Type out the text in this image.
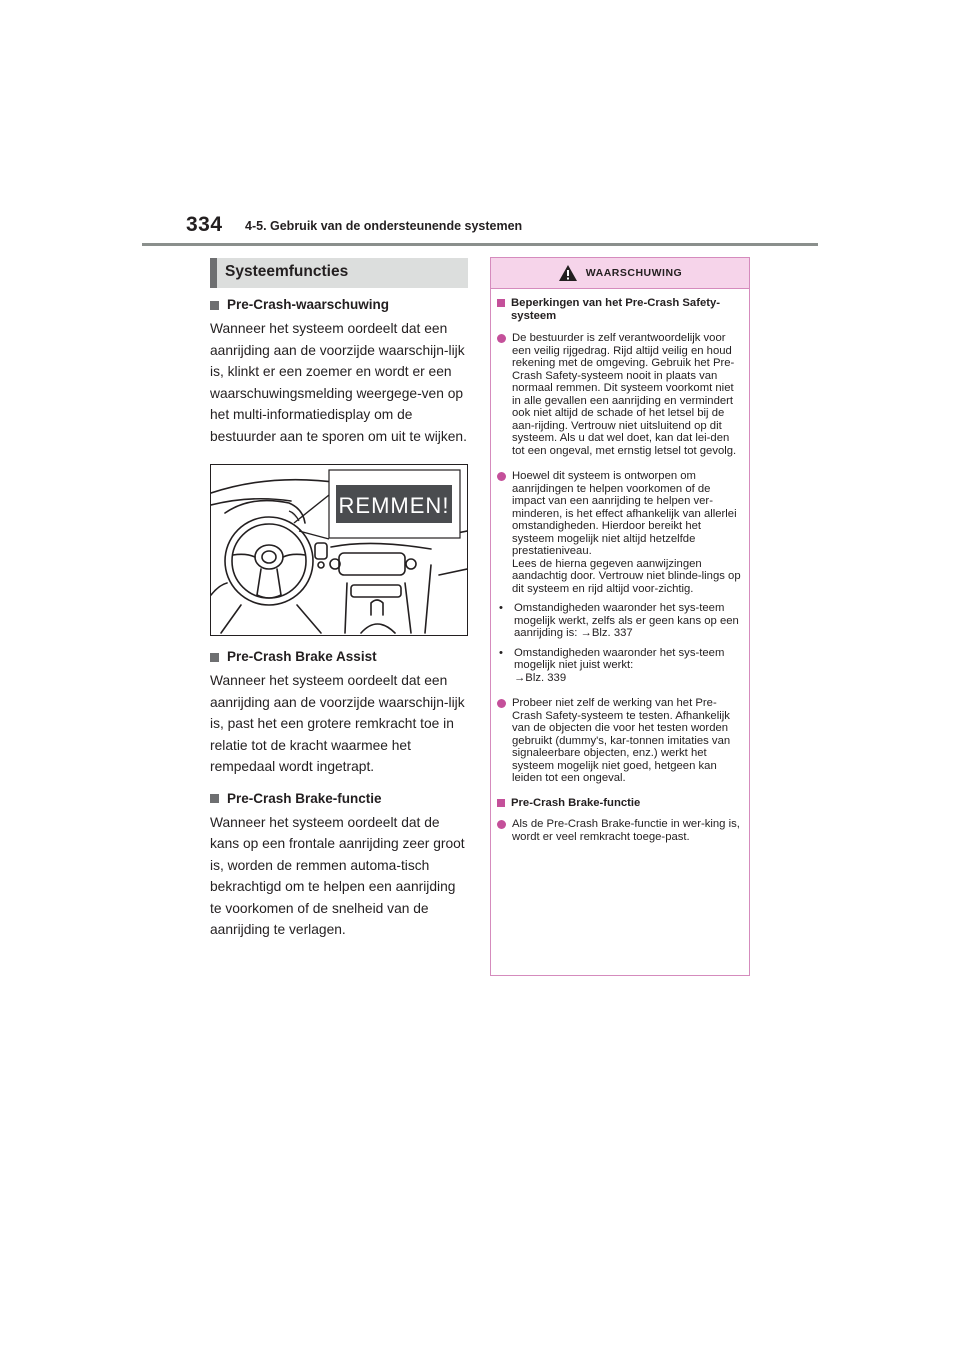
334 4-5. Gebruik van de ondersteunende systemen
Systeemfuncties
Pre-Crash-waarschuwing
Wanneer het systeem oordeelt dat een aanrijding aan de voorzijde waarschijn-lijk is, klinkt er een zoemer en wordt er een waarschuwingsmelding weergege-ven op het multi-informatiedisplay om de bestuurder aan te sporen om uit te wijken.
REMMEN!
Pre-Crash Brake Assist
Wanneer het systeem oordeelt dat een aanrijding aan de voorzijde waarschijn-lijk is, past het een grotere remkracht toe in relatie tot de kracht waarmee het rempedaal wordt ingetrapt.
Pre-Crash Brake-functie
Wanneer het systeem oordeelt dat de kans op een frontale aanrijding zeer groot is, worden de remmen automa-tisch bekrachtigd om te helpen een aanrijding te voorkomen of de snelheid van de aanrijding te verlagen.
WAARSCHUWING
Beperkingen van het Pre-Crash Safety-systeem
De bestuurder is zelf verantwoordelijk voor een veilig rijgedrag. Rijd altijd veilig en houd rekening met de omgeving. Gebruik het Pre-Crash Safety-systeem nooit in plaats van normaal remmen. Dit systeem voorkomt niet in alle gevallen een aanrijding en vermindert ook niet altijd de schade of het letsel bij de aan-rijding. Vertrouw niet uitsluitend op dit systeem. Als u dat wel doet, kan dat lei-den tot een ongeval, met ernstig letsel tot gevolg.
Hoewel dit systeem is ontworpen om aanrijdingen te helpen voorkomen of de impact van een aanrijding te helpen ver-minderen, is het effect afhankelijk van allerlei omstandigheden. Hierdoor bereikt het systeem mogelijk niet altijd hetzelfde prestatieniveau.
Lees de hierna gegeven aanwijzingen aandachtig door. Vertrouw niet blinde-lings op dit systeem en rijd altijd voor-zichtig.
• Omstandigheden waaronder het sys-teem mogelijk werkt, zelfs als er geen kans op een aanrijding is: →Blz. 337
• Omstandigheden waaronder het sys-teem mogelijk niet juist werkt:
→Blz. 339
Probeer niet zelf de werking van het Pre-Crash Safety-systeem te testen. Afhankelijk van de objecten die voor het testen worden gebruikt (dummy's, kar-tonnen imitaties van signaleerbare objecten, enz.) werkt het systeem mogelijk niet goed, hetgeen kan leiden tot een ongeval.
Pre-Crash Brake-functie
Als de Pre-Crash Brake-functie in wer-king is, wordt er veel remkracht toege-past.
